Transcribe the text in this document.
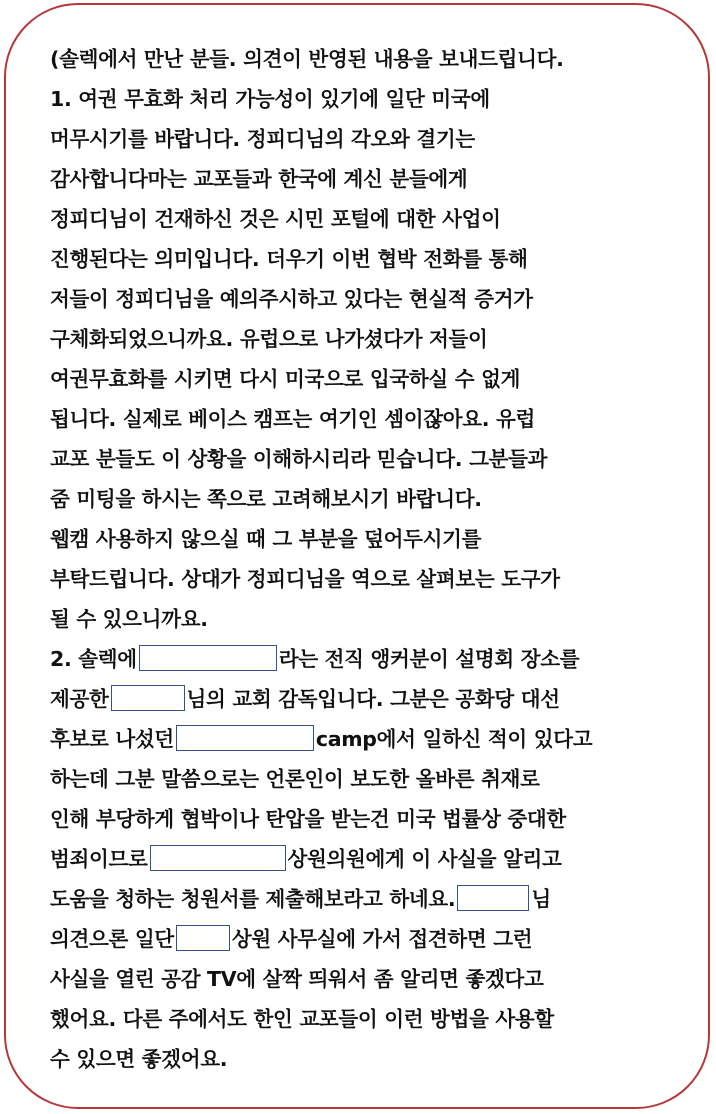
(솔렉에서 만난 분들. 의견이 반영된 내용을 보내드립니다.
1. 여권 무효화 처리 가능성이 있기에 일단 미국에
머무시기를 바랍니다. 정피디님의 각오와 결기는
감사합니다마는 교포들과 한국에 계신 분들에게
정피디님이 건재하신 것은 시민 포털에 대한 사업이
진행된다는 의미입니다. 더우기 이번 협박 전화를 통해
저들이 정피디님을 예의주시하고 있다는 현실적 증거가
구체화되었으니까요. 유럽으로 나가셨다가 저들이
여권무효화를 시키면 다시 미국으로 입국하실 수 없게
됩니다. 실제로 베이스 캠프는 여기인 셈이잖아요. 유럽
교포 분들도 이 상황을 이해하시리라 믿습니다. 그분들과
줌 미팅을 하시는 쪽으로 고려해보시기 바랍니다.
웹캠 사용하지 않으실 때 그 부분을 덮어두시기를
부탁드립니다. 상대가 정피디님을 역으로 살펴보는 도구가
될 수 있으니까요.
2. 솔렉에	라는 전직 앵커분이 설명회 장소를
제공한	님의 교회 감독입니다. 그분은 공화당 대선
후보로 나섰던	camp에서 일하신 적이 있다고
하는데 그분 말씀으로는 언론인이 보도한 올바른 취재로
인해 부당하게 협박이나 탄압을 받는건 미국 법률상 중대한
범죄이므로	상원의원에게 이 사실을 알리고
도움을 청하는 청원서를 제출해보라고 하네요.	님
의견으론 일단	상원 사무실에 가서 접견하면 그런
사실을 열린 공감 TV에 살짝 띄워서 좀 알리면 좋겠다고
했어요. 다른 주에서도 한인 교포들이 이런 방법을 사용할
수 있으면 좋겠어요.
